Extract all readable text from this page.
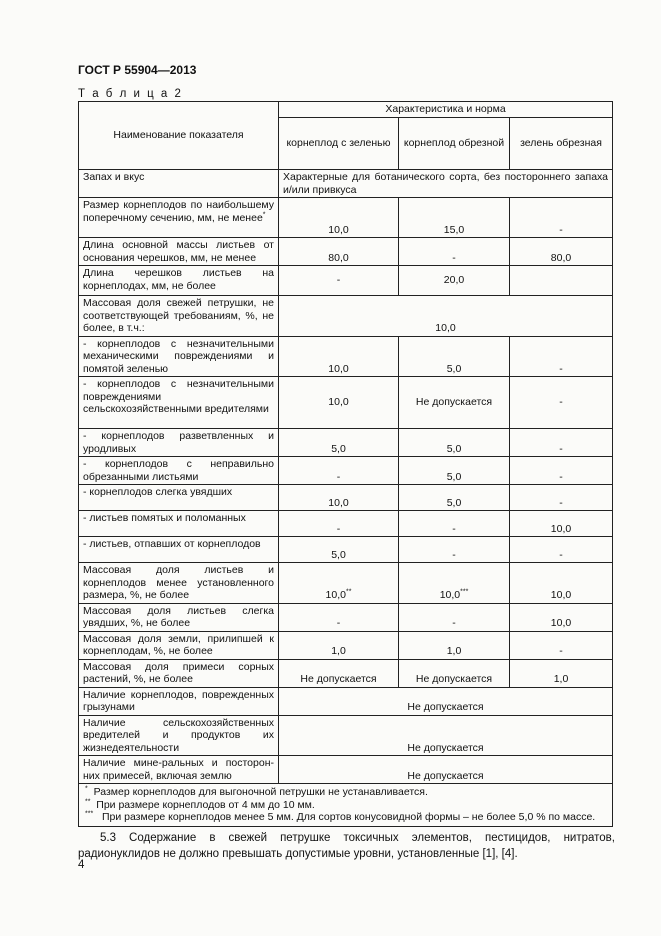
ГОСТ Р 55904—2013
Т а б л и ц а 2
Наименование показателя	Характеристика и норма		
	корнеплод с зеленью	корнеплод обрезной	зелень обрезная
Запах и вкус	Характерные для ботанического сорта, без постороннего запаха и/или привкуса		
Размер корнеплодов по наибольшему поперечному сечению, мм, не менее*	10,0	15,0	-
Длина основной массы листьев от основания черешков, мм, не менее	80,0	-	80,0
Длина черешков листьев на корнеплодах, мм, не более	-	20,0	
Массовая доля свежей петрушки, не соответствующей требованиям, %, не более, в т.ч.:	10,0		
- корнеплодов с незначительными механическими повреждениями и помятой зеленью	10,0	5,0	-
- корнеплодов с незначительными повреждениями сельскохозяйственными вредителями	10,0	Не допускается	-
- корнеплодов разветвленных и уродливых	5,0	5,0	-
- корнеплодов с неправильно обрезанными листьями	-	5,0	-
- корнеплодов слегка увядших	10,0	5,0	-
- листьев помятых и поломанных	-	-	10,0
- листьев, отпавших от корнеплодов	5,0	-	-
Массовая доля листьев и корнеплодов менее установленного размера, %, не более	10,0**	10,0***	10,0
Массовая доля листьев слегка увядших, %, не более	-	-	10,0
Массовая доля земли, прилипшей к корнеплодам, %, не более	1,0	1,0	-
Массовая доля примеси сорных растений, %, не более	Не допускается	Не допускается	1,0
Наличие корнеплодов, поврежденных грызунами	Не допускается		
Наличие сельскохозяйственных вредителей и продуктов их жизнедеятельности	Не допускается		
Наличие мине-ральных и посторон-них примесей, включая землю	Не допускается		

* Размер корнеплодов для выгоночной петрушки не устанавливается.
** При размере корнеплодов от 4 мм до 10 мм.
*** При размере корнеплодов менее 5 мм. Для сортов конусовидной формы – не более 5,0 % по массе.			
5.3 Содержание в свежей петрушке токсичных элементов, пестицидов, нитратов, радионуклидов не должно превышать допустимые уровни, установленные [1], [4].
4
